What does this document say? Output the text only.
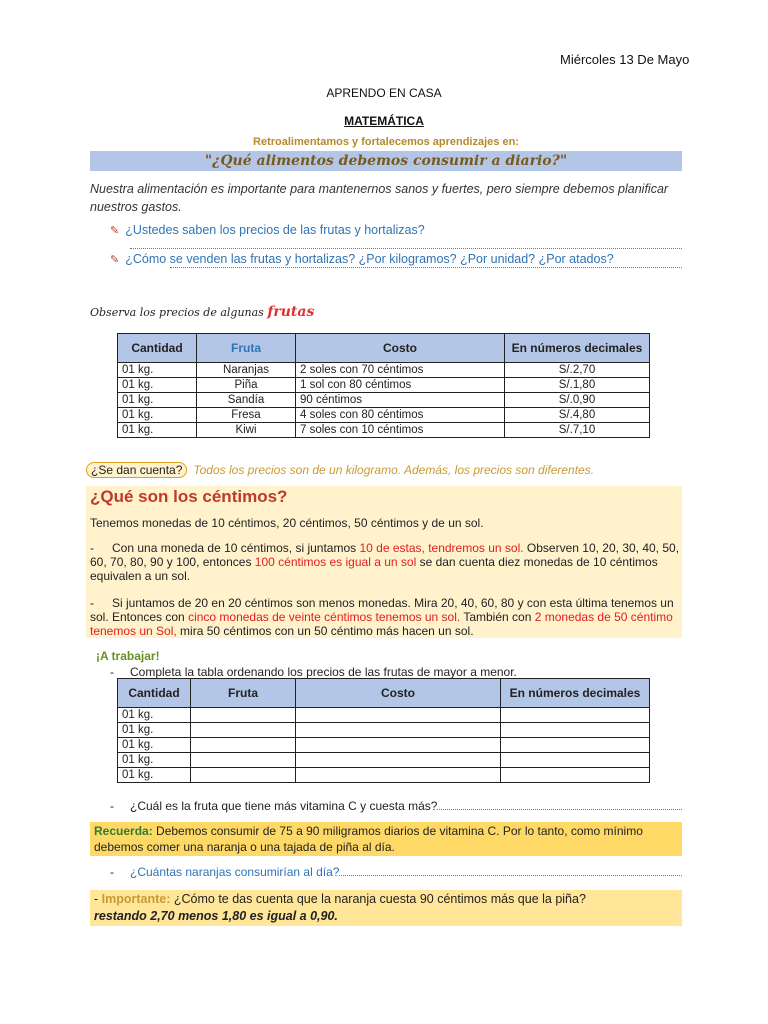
Miércoles 13 De Mayo
APRENDO EN CASA
MATEMÁTICA
Retroalimentamos y fortalecemos aprendizajes en:
"¿Qué alimentos debemos consumir a diario?"
Nuestra alimentación es importante para mantenernos sanos y fuertes, pero siempre debemos planificar nuestros gastos.
✎ ¿Ustedes saben los precios de las frutas y hortalizas?
✎ ¿Cómo se venden las frutas y hortalizas? ¿Por kilogramos? ¿Por unidad? ¿Por atados?
Observa los precios de algunas frutas
Cantidad	Fruta	Costo	En números decimales
01 kg.	Naranjas	2 soles con 70 céntimos	S/.2,70
01 kg.	Piña	1 sol con 80 céntimos	S/.1,80
01 kg.	Sandía	90 céntimos	S/.0,90
01 kg.	Fresa	4 soles con 80 céntimos	S/.4,80
01 kg.	Kiwi	7 soles con 10 céntimos	S/.7,10
¿Se dan cuenta? Todos los precios son de un kilogramo. Además, los precios son diferentes.
¿Qué son los céntimos?
Tenemos monedas de 10 céntimos, 20 céntimos, 50 céntimos y de un sol.
- Con una moneda de 10 céntimos, si juntamos 10 de estas, tendremos un sol. Observen 10, 20, 30, 40, 50, 60, 70, 80, 90 y 100, entonces 100 céntimos es igual a un sol se dan cuenta diez monedas de 10 céntimos equivalen a un sol.
- Si juntamos de 20 en 20 céntimos son menos monedas. Mira 20, 40, 60, 80 y con esta última tenemos un sol. Entonces con cinco monedas de veinte céntimos tenemos un sol. También con 2 monedas de 50 céntimo tenemos un Sol, mira 50 céntimos con un 50 céntimo más hacen un sol.
¡A trabajar!
- Completa la tabla ordenando los precios de las frutas de mayor a menor.
Cantidad	Fruta	Costo	En números decimales
01 kg.			
01 kg.			
01 kg.			
01 kg.			
01 kg.			
-	¿Cuál es la fruta que tiene más vitamina C y cuesta más?
Recuerda: Debemos consumir de 75 a 90 miligramos diarios de vitamina C. Por lo tanto, como mínimo debemos comer una naranja o una tajada de piña al día.
-	¿Cuántas naranjas consumirían al día?
- Importante: ¿Cómo te das cuenta que la naranja cuesta 90 céntimos más que la piña?
restando 2,70 menos 1,80 es igual a 0,90.
